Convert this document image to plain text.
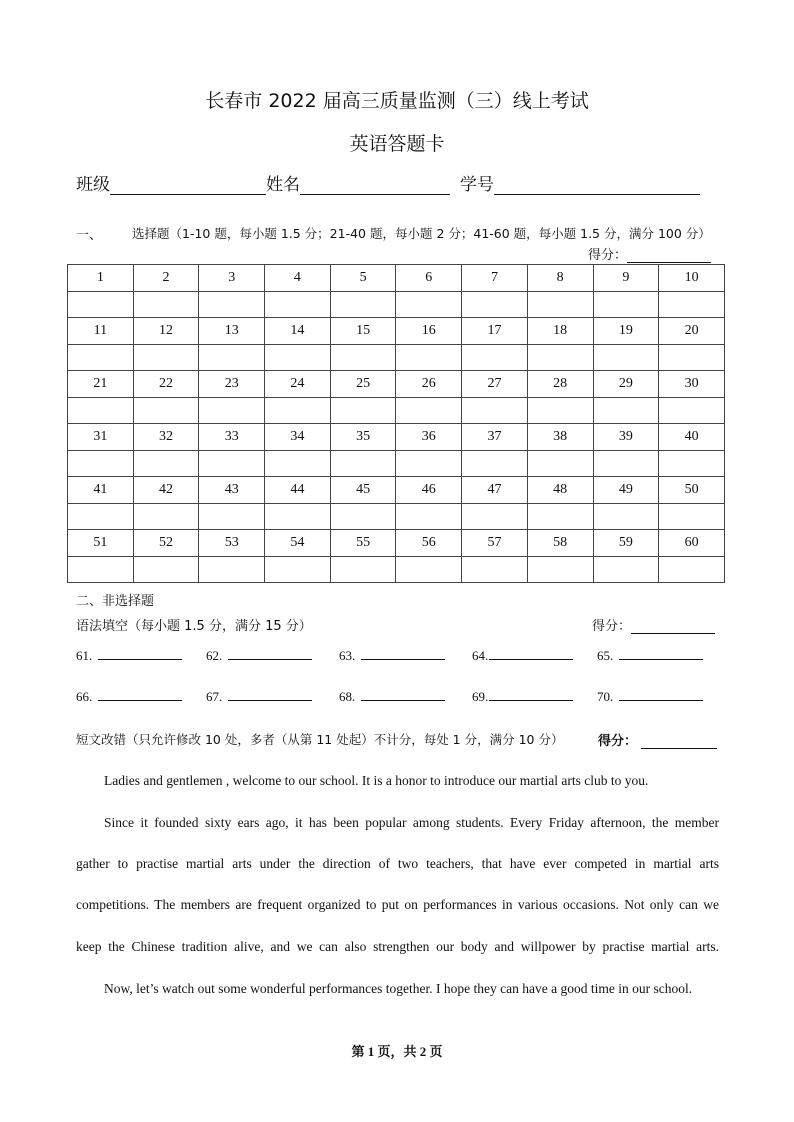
长春市 2022 届高三质量监测（三）线上考试
英语答题卡
班级	姓名	学号
一、 选择题（1-10 题，每小题 1.5 分；21-40 题，每小题 2 分；41-60 题，每小题 1.5 分，满分 100 分）
得分：
1	2	3	4	5	6	7	8	9	10

11	12	13	14	15	16	17	18	19	20

21	22	23	24	25	26	27	28	29	30

31	32	33	34	35	36	37	38	39	40

41	42	43	44	45	46	47	48	49	50

51	52	53	54	55	56	57	58	59	60

二、非选择题
语法填空（每小题 1.5 分，满分 15 分）	得分：
61.	62.	63.	64.	65.
66.	67.	68.	69.	70.
短文改错（只允许修改 10 处，多者（从第 11 处起）不计分，每处 1 分，满分 10 分）	得分：
Ladies and gentlemen , welcome to our school. It is a honor to introduce our martial arts club to you.
Since it founded sixty ears ago, it has been popular among students. Every Friday afternoon, the member
gather to practise martial arts under the direction of two teachers, that have ever competed in martial arts
competitions. The members are frequent organized to put on performances in various occasions. Not only can we
keep the Chinese tradition alive, and we can also strengthen our body and willpower by practise martial arts.
Now, let’s watch out some wonderful performances together. I hope they can have a good time in our school.
第 1 页，共 2 页
